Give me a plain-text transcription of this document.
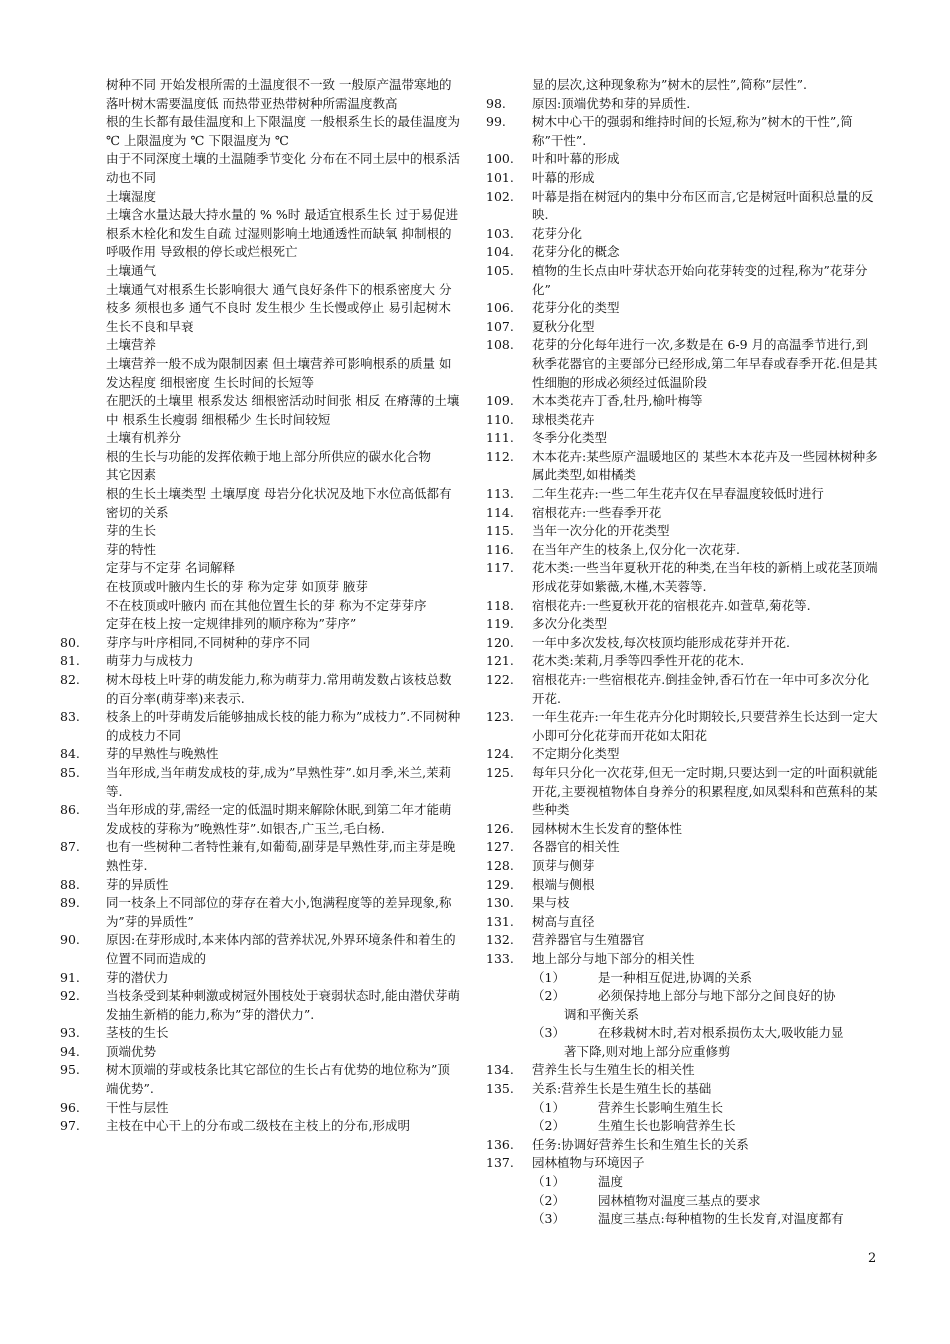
树种不同 开始发根所需的土温度很不一致 一般原产温带寒地的落叶树木需要温度低 而热带亚热带树种所需温度教高

根的生长都有最佳温度和上下限温度 一般根系生长的最佳温度为 ℃ 上限温度为 ℃ 下限温度为 ℃

由于不同深度土壤的土温随季节变化 分布在不同土层中的根系活动也不同

土壤湿度

土壤含水量达最大持水量的 % %时 最适宜根系生长 过于易促进根系木栓化和发生自疏 过湿则影响土地通透性而缺氧 抑制根的呼吸作用 导致根的停长或烂根死亡

土壤通气

土壤通气对根系生长影响很大 通气良好条件下的根系密度大 分枝多 须根也多 通气不良时 发生根少 生长慢或停止 易引起树木生长不良和早衰

土壤营养

土壤营养一般不成为限制因素 但土壤营养可影响根系的质量 如发达程度 细根密度 生长时间的长短等

在肥沃的土壤里 根系发达 细根密活动时间张 相反 在瘠薄的土壤中 根系生长瘦弱 细根稀少 生长时间较短

土壤有机养分

根的生长与功能的发挥依赖于地上部分所供应的碳水化合物

其它因素

根的生长土壤类型 土壤厚度 母岩分化状况及地下水位高低都有密切的关系

芽的生长

芽的特性

定芽与不定芽 名词解释

在枝顶或叶腋内生长的芽 称为定芽 如顶芽 腋芽

不在枝顶或叶腋内 而在其他位置生长的芽 称为不定芽芽序

定芽在枝上按一定规律排列的顺序称为”芽序”

80.	芽序与叶序相同,不同树种的芽序不同
81.	萌芽力与成枝力
82.	树木母枝上叶芽的萌发能力,称为萌芽力.常用萌发数占该枝总数的百分率(萌芽率)来表示.
83.	枝条上的叶芽萌发后能够抽成长枝的能力称为”成枝力”.不同树种的成枝力不同
84.	芽的早熟性与晚熟性
85.	当年形成,当年萌发成枝的芽,成为”早熟性芽”.如月季,米兰,茉莉等.
86.	当年形成的芽,需经一定的低温时期来解除休眠,到第二年才能萌发成枝的芽称为”晚熟性芽”.如银杏,广玉兰,毛白杨.
87.	也有一些树种二者特性兼有,如葡萄,副芽是早熟性芽,而主芽是晚熟性芽.
88.	芽的异质性
89.	同一枝条上不同部位的芽存在着大小,饱满程度等的差异现象,称为”芽的异质性”
90.	原因:在芽形成时,本来体内部的营养状况,外界环境条件和着生的位置不同而造成的
91.	芽的潜伏力
92.	当枝条受到某种刺激或树冠外围枝处于衰弱状态时,能由潜伏芽萌发抽生新梢的能力,称为”芽的潜伏力”.
93.	茎枝的生长
94.	顶端优势
95.	树木顶端的芽或枝条比其它部位的生长占有优势的地位称为”顶端优势”.
96.	干性与层性
97.	主枝在中心干上的分布或二级枝在主枝上的分布,形成明

显的层次,这种现象称为”树木的层性”,简称”层性”.

98.	原因:顶端优势和芽的异质性.
99.	树木中心干的强弱和维持时间的长短,称为”树木的干性”,简称”干性”.
100.	叶和叶幕的形成
101.	叶幕的形成
102.	叶幕是指在树冠内的集中分布区而言,它是树冠叶面积总量的反映.
103.	花芽分化
104.	花芽分化的概念
105.	植物的生长点由叶芽状态开始向花芽转变的过程,称为”花芽分化”
106.	花芽分化的类型
107.	夏秋分化型
108.	花芽的分化每年进行一次,多数是在 6-9 月的高温季节进行,到秋季花器官的主要部分已经形成,第二年早春或春季开花.但是其性细胞的形成必须经过低温阶段
109.	木本类花卉丁香,牡丹,榆叶梅等
110.	球根类花卉
111.	冬季分化类型
112.	木本花卉:某些原产温暖地区的 某些木本花卉及一些园林树种多属此类型,如柑橘类
113.	二年生花卉:一些二年生花卉仅在早春温度较低时进行
114.	宿根花卉:一些春季开花
115.	当年一次分化的开花类型
116.	在当年产生的枝条上,仅分化一次花芽.
117.	花木类:一些当年夏秋开花的种类,在当年枝的新梢上或花茎顶端形成花芽如紫薇,木槿,木芙蓉等.
118.	宿根花卉:一些夏秋开花的宿根花卉.如萱草,菊花等.
119.	多次分化类型
120.	一年中多次发枝,每次枝顶均能形成花芽并开花.
121.	花木类:茉莉,月季等四季性开花的花木.
122.	宿根花卉:一些宿根花卉.倒挂金钟,香石竹在一年中可多次分化开花.
123.	一年生花卉:一年生花卉分化时期较长,只要营养生长达到一定大小即可分化花芽而开花如太阳花
124.	不定期分化类型
125.	每年只分化一次花芽,但无一定时期,只要达到一定的叶面积就能开花,主要视植物体自身养分的积累程度,如凤梨科和芭蕉科的某些种类
126.	园林树木生长发育的整体性
127.	各器官的相关性
128.	顶芽与侧芽
129.	根端与侧根
130.	果与枝
131.	树高与直径
132.	营养器官与生殖器官
133.	地上部分与地下部分的相关性
（1）	是一种相互促进,协调的关系
（2）	必须保持地上部分与地下部分之间良好的协

调和平衡关系

（3）	在移栽树木时,若对根系损伤太大,吸收能力显

著下降,则对地上部分应重修剪

134.	营养生长与生殖生长的相关性
135.	关系:营养生长是生殖生长的基础
（1）	营养生长影响生殖生长
（2）	生殖生长也影响营养生长
136.	任务:协调好营养生长和生殖生长的关系
137.	园林植物与环境因子
（1）	温度
（2）	园林植物对温度三基点的要求
（3）	温度三基点:每种植物的生长发育,对温度都有
2
